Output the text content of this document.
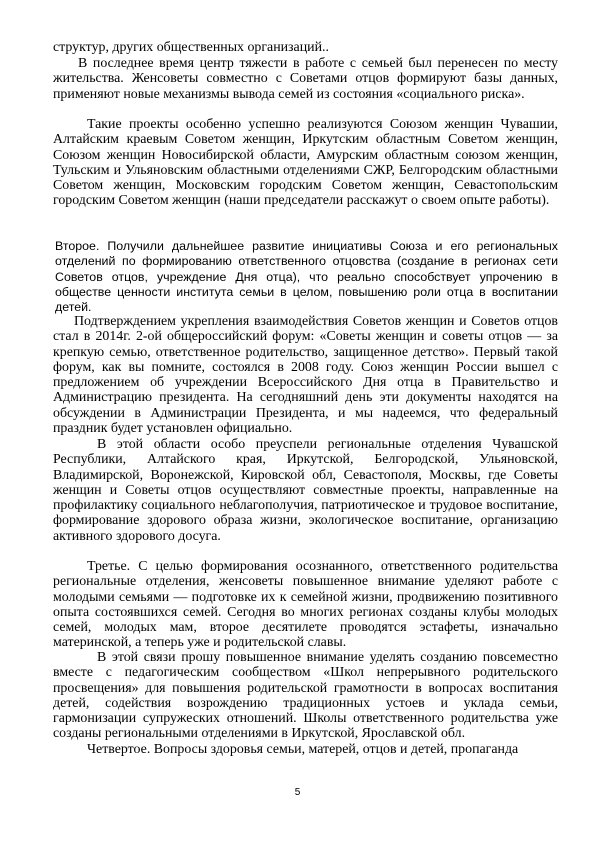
структур, других общественных организаций..

В последнее время центр тяжести в работе с семьей был перенесен по месту жительства. Женсоветы совместно с Советами отцов формируют базы данных, применяют новые механизмы вывода семей из состояния «социального риска».

Такие проекты особенно успешно реализуются Союзом женщин Чувашии, Алтайским краевым Советом женщин, Иркутским областным Советом женщин, Союзом женщин Новосибирской области, Амурским областным союзом женщин, Тульским и Ульяновским областными отделениями СЖР, Белгородским областными Советом женщин, Московским городским Советом женщин, Севастопольским городским Советом женщин (наши председатели расскажут о своем опыте работы).

Второе. Получили дальнейшее развитие инициативы Союза и его региональных отделений по формированию ответственного отцовства (создание в регионах сети Советов отцов, учреждение Дня отца), что реально способствует упрочению в обществе ценности института семьи в целом, повышению роли отца в воспитании детей.

Подтверждением укрепления взаимодействия Советов женщин и Советов отцов стал в 2014г. 2-ой общероссийский форум: «Советы женщин и советы отцов — за крепкую семью, ответственное родительство, защищенное детство». Первый такой форум, как вы помните, состоялся в 2008 году. Союз женщин России вышел с предложением об учреждении Всероссийского Дня отца в Правительство и Администрацию президента. На сегодняшний день эти документы находятся на обсуждении в Администрации Президента, и мы надеемся, что федеральный праздник будет установлен официально.

В этой области особо преуспели региональные отделения Чувашской Республики, Алтайского края, Иркутской, Белгородской, Ульяновской, Владимирской, Воронежской, Кировской обл, Севастополя, Москвы, где Советы женщин и Советы отцов осуществляют совместные проекты, направленные на профилактику социального неблагополучия, патриотическое и трудовое воспитание, формирование здорового образа жизни, экологическое воспитание, организацию активного здорового досуга.

Третье. С целью формирования осознанного, ответственного родительства региональные отделения, женсоветы повышенное внимание уделяют работе с молодыми семьями — подготовке их к семейной жизни, продвижению позитивного опыта состоявшихся семей. Сегодня во многих регионах созданы клубы молодых семей, молодых мам, второе десятилете проводятся эстафеты, изначально материнской, а теперь уже и родительской славы.

В этой связи прошу повышенное внимание уделять созданию повсеместно вместе с педагогическим сообществом «Школ непрерывного родительского просвещения» для повышения родительской грамотности в вопросах воспитания детей, содействия возрождению традиционных устоев и уклада семьи, гармонизации супружеских отношений. Школы ответственного родительства уже созданы региональными отделениями в Иркутской, Ярославской обл.

Четвертое. Вопросы здоровья семьи, матерей, отцов и детей, пропаганда

5
